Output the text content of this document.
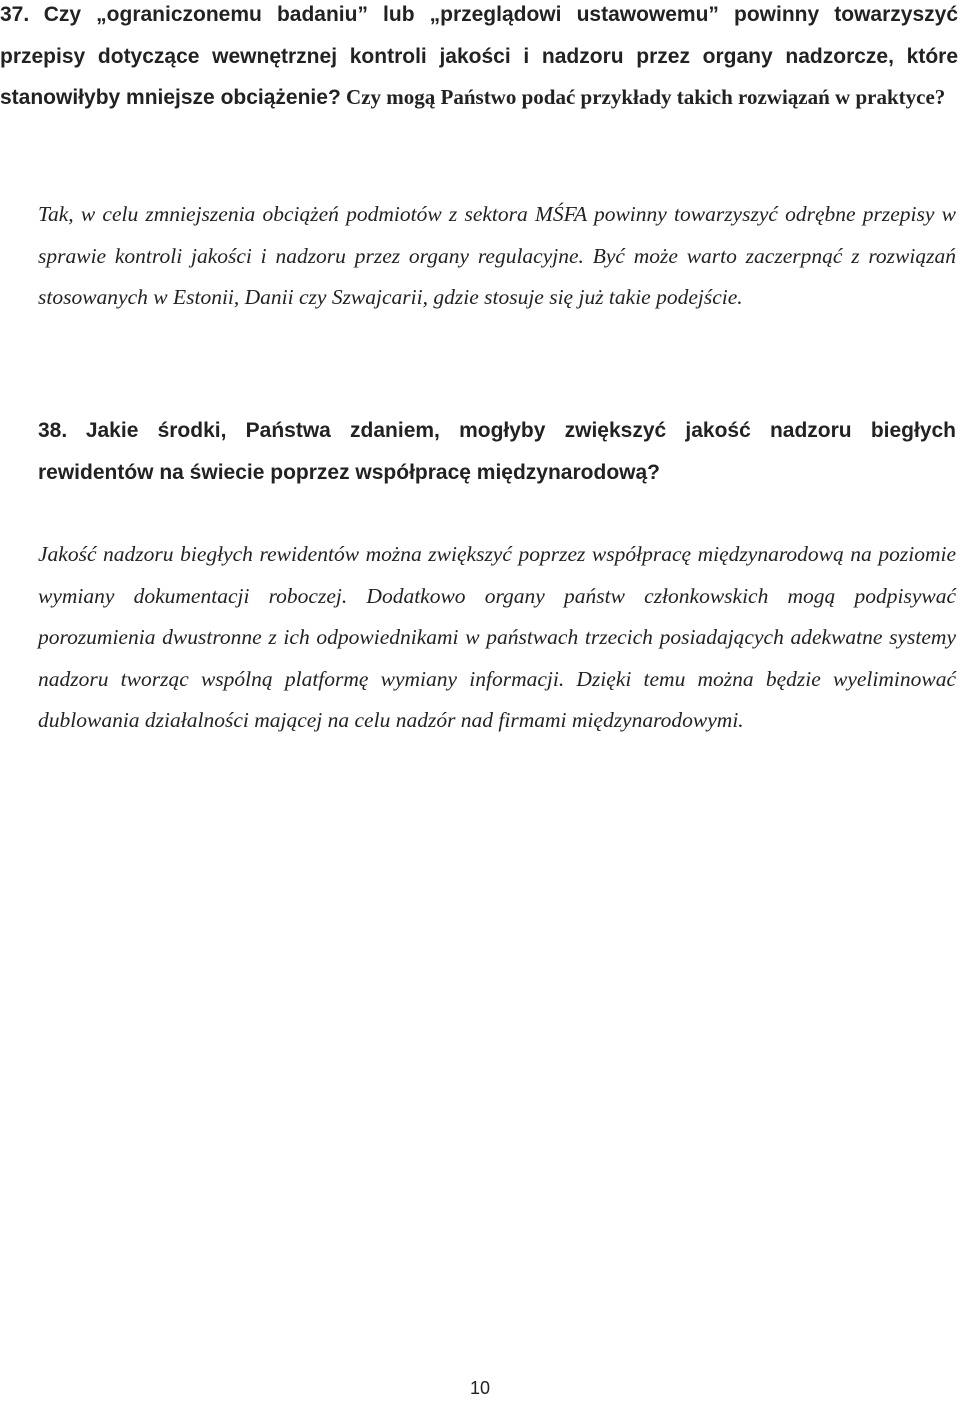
37. Czy „ograniczonemu badaniu” lub „przeglądowi ustawowemu” powinny towarzyszyć przepisy dotyczące wewnętrznej kontroli jakości i nadzoru przez organy nadzorcze, które stanowiłyby mniejsze obciążenie? Czy mogą Państwo podać przykłady takich rozwiązań w praktyce?

Tak, w celu zmniejszenia obciążeń podmiotów z sektora MŚFA powinny towarzyszyć odrębne przepisy w sprawie kontroli jakości i nadzoru przez organy regulacyjne. Być może warto zaczerpnąć z rozwiązań stosowanych w Estonii, Danii czy Szwajcarii, gdzie stosuje się już takie podejście.

38. Jakie środki, Państwa zdaniem, mogłyby zwiększyć jakość nadzoru biegłych rewidentów na świecie poprzez współpracę międzynarodową?

Jakość nadzoru biegłych rewidentów można zwiększyć poprzez współpracę międzynarodową na poziomie wymiany dokumentacji roboczej. Dodatkowo organy państw członkowskich mogą podpisywać porozumienia dwustronne z ich odpowiednikami w państwach trzecich posiadających adekwatne systemy nadzoru tworząc wspólną platformę wymiany informacji. Dzięki temu można będzie wyeliminować dublowania działalności mającej na celu nadzór nad firmami międzynarodowymi.

10
